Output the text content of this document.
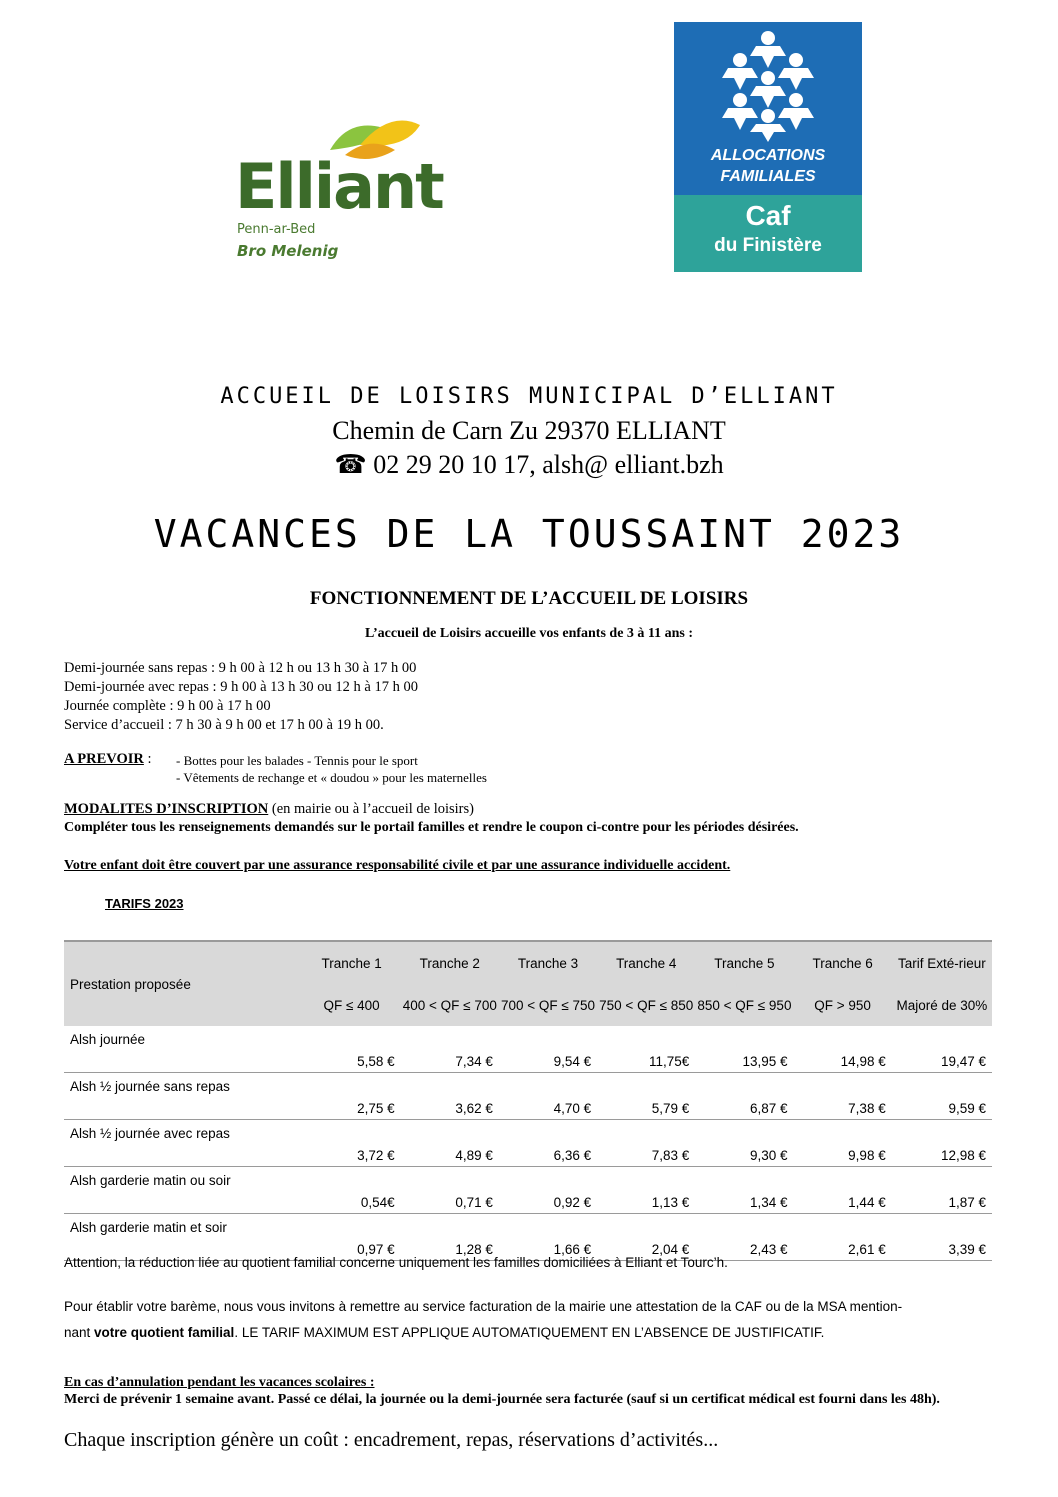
Elliant
Penn-ar-Bed
Bro Melenig
ALLOCATIONS
FAMILIALES
Caf
du Finistère
ACCUEIL DE LOISIRS MUNICIPAL D’ELLIANT
Chemin de Carn Zu 29370 ELLIANT
☎ 02 29 20 10 17, alsh@ elliant.bzh
VACANCES DE LA TOUSSAINT 2023
FONCTIONNEMENT DE L’ACCUEIL DE LOISIRS
L’accueil de Loisirs accueille vos enfants de 3 à 11 ans :
Demi-journée sans repas : 9 h 00 à 12 h ou 13 h 30 à 17 h 00
Demi-journée avec repas : 9 h 00 à 13 h 30 ou 12 h à 17 h 00
Journée complète : 9 h 00 à 17 h 00
Service d’accueil : 7 h 30 à 9 h 00 et 17 h 00 à 19 h 00.
A PREVOIR : - Bottes pour les balades - Tennis pour le sport
- Vêtements de rechange et « doudou » pour les maternelles
MODALITES D’INSCRIPTION (en mairie ou à l’accueil de loisirs)
Compléter tous les renseignements demandés sur le portail familles et rendre le coupon ci-contre pour les périodes désirées.
Votre enfant doit être couvert par une assurance responsabilité civile et par une assurance individuelle accident.
TARIFS 2023
Prestation proposée	Tranche 1	Tranche 2	Tranche 3	Tranche 4	Tranche 5	Tranche 6	Tarif Exté-rieur
	QF ≤ 400	400 < QF ≤ 700	700 < QF ≤ 750	750 < QF ≤ 850	850 < QF ≤ 950	QF > 950	Majoré de 30%
Alsh journée	5,58 €	7,34 €	9,54 €	11,75€	13,95 €	14,98 €	19,47 €
Alsh ½ journée sans repas	2,75 €	3,62 €	4,70 €	5,79 €	6,87 €	7,38 €	9,59 €
Alsh ½ journée avec repas	3,72 €	4,89 €	6,36 €	7,83 €	9,30 €	9,98 €	12,98 €
Alsh garderie matin ou soir	0,54€	0,71 €	0,92 €	1,13 €	1,34 €	1,44 €	1,87 €
Alsh garderie matin et soir	0,97 €	1,28 €	1,66 €	2,04 €	2,43 €	2,61 €	3,39 €
Attention, la réduction liée au quotient familial concerne uniquement les familles domiciliées à Elliant et Tourc’h.
Pour établir votre barème, nous vous invitons à remettre au service facturation de la mairie une attestation de la CAF ou de la MSA mention-
nant votre quotient familial. LE TARIF MAXIMUM EST APPLIQUE AUTOMATIQUEMENT EN L’ABSENCE DE JUSTIFICATIF.
En cas d’annulation pendant les vacances scolaires :
Merci de prévenir 1 semaine avant. Passé ce délai, la journée ou la demi-journée sera facturée (sauf si un certificat médical est fourni dans les 48h).
Chaque inscription génère un coût : encadrement, repas, réservations d’activités...
